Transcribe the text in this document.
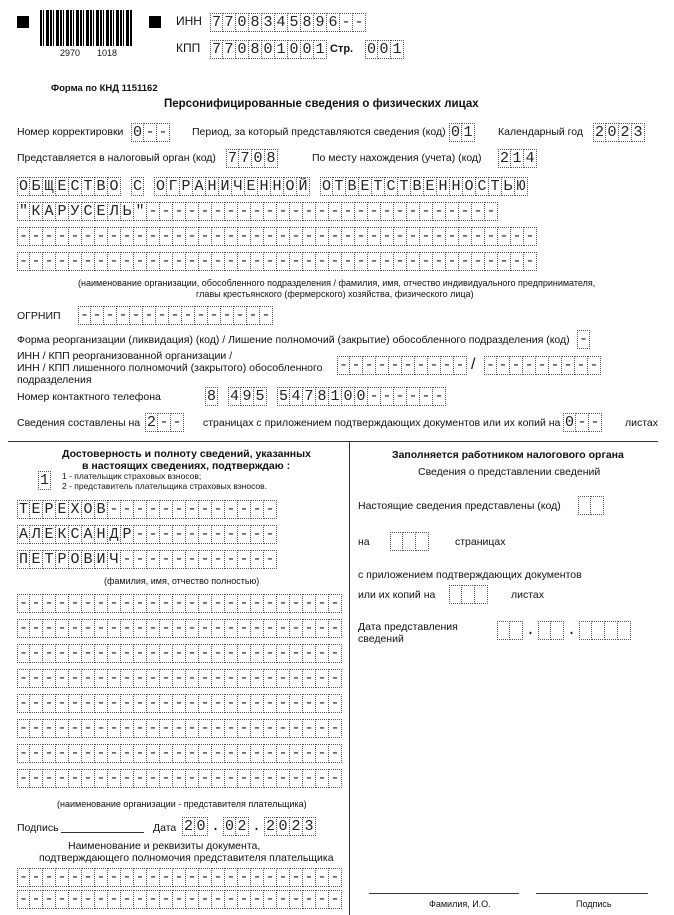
2970 1018
ИНН 7 7 0 8 3 4 5 8 9 6 - -
КПП 7 7 0 8 0 1 0 0 1 Стр. 0 0 1
Форма по КНД 1151162
Персонифицированные сведения о физических лицах
Номер корректировки 0 - - Период, за который представляются сведения (код) 0 1 Календарный год 2 0 2 3
Представляется в налоговый орган (код) 7 7 0 8	По месту нахождения (учета) (код) 2 1 4
О Б Щ Е С Т В О С О Г Р А Н И Ч Е Н Н О Й О Т В Е Т С Т В Е Н Н О С Т Ь Ю
" К А Р У С Е Л Ь " - - - - - - - - - - - - - - - - - - - - - - - - - - -
- - - - - - - - - - - - - - - - - - - - - - - - - - - - - - - - - - - - - - - -
- - - - - - - - - - - - - - - - - - - - - - - - - - - - - - - - - - - - - - - -
(наименование организации, обособленного подразделения / фамилия, имя, отчество индивидуального предпринимателя,
главы крестьянского (фермерского) хозяйства, физического лица)
ОГРНИП - - - - - - - - - - - - - - -
Форма реорганизации (ликвидация) (код) / Лишение полномочий (закрытие) обособленного подразделения (код) -
ИНН / КПП реорганизованной организации /
ИНН / КПП лишенного полномочий (закрытого) обособленного
подразделения
- - - - - - - - - - / - - - - - - - - -
Номер контактного телефона	8 4 9 5 5 4 7 8 1 0 0 - - - - - -
Сведения составлены на 2 - - страницах с приложением подтверждающих документов или их копий на 0 - - листах
Достоверность и полноту сведений, указанных
в настоящих сведениях, подтверждаю :
1 1 - плательщик страховых взносов;
2 - представитель плательщика страховых взносов.
Т Е Р Е Х О В - - - - - - - - - - - - -
А Л Е К С А Н Д Р - - - - - - - - - - -
П Е Т Р О В И Ч - - - - - - - - - - - -
(фамилия, имя, отчество полностью)
- - - - - - - - - - - - - - - - - - - - - - - - -
- - - - - - - - - - - - - - - - - - - - - - - - -
- - - - - - - - - - - - - - - - - - - - - - - - -
- - - - - - - - - - - - - - - - - - - - - - - - -
- - - - - - - - - - - - - - - - - - - - - - - - -
- - - - - - - - - - - - - - - - - - - - - - - - -
- - - - - - - - - - - - - - - - - - - - - - - - -
- - - - - - - - - - - - - - - - - - - - - - - - -
(наименование организации - представителя плательщика)
Подпись	Дата 2 0 . 0 2 . 2 0 2 3
Наименование и реквизиты документа,
подтверждающего полномочия представителя плательщика
- - - - - - - - - - - - - - - - - - - - - - - - -
- - - - - - - - - - - - - - - - - - - - - - - - -
Заполняется работником налогового органа
Сведения о представлении сведений
Настоящие сведения представлены (код)
на	страницах
с приложением подтверждающих документов
или их копий на	листах
Дата представления
сведений	. .
Фамилия, И.О.	Подпись
